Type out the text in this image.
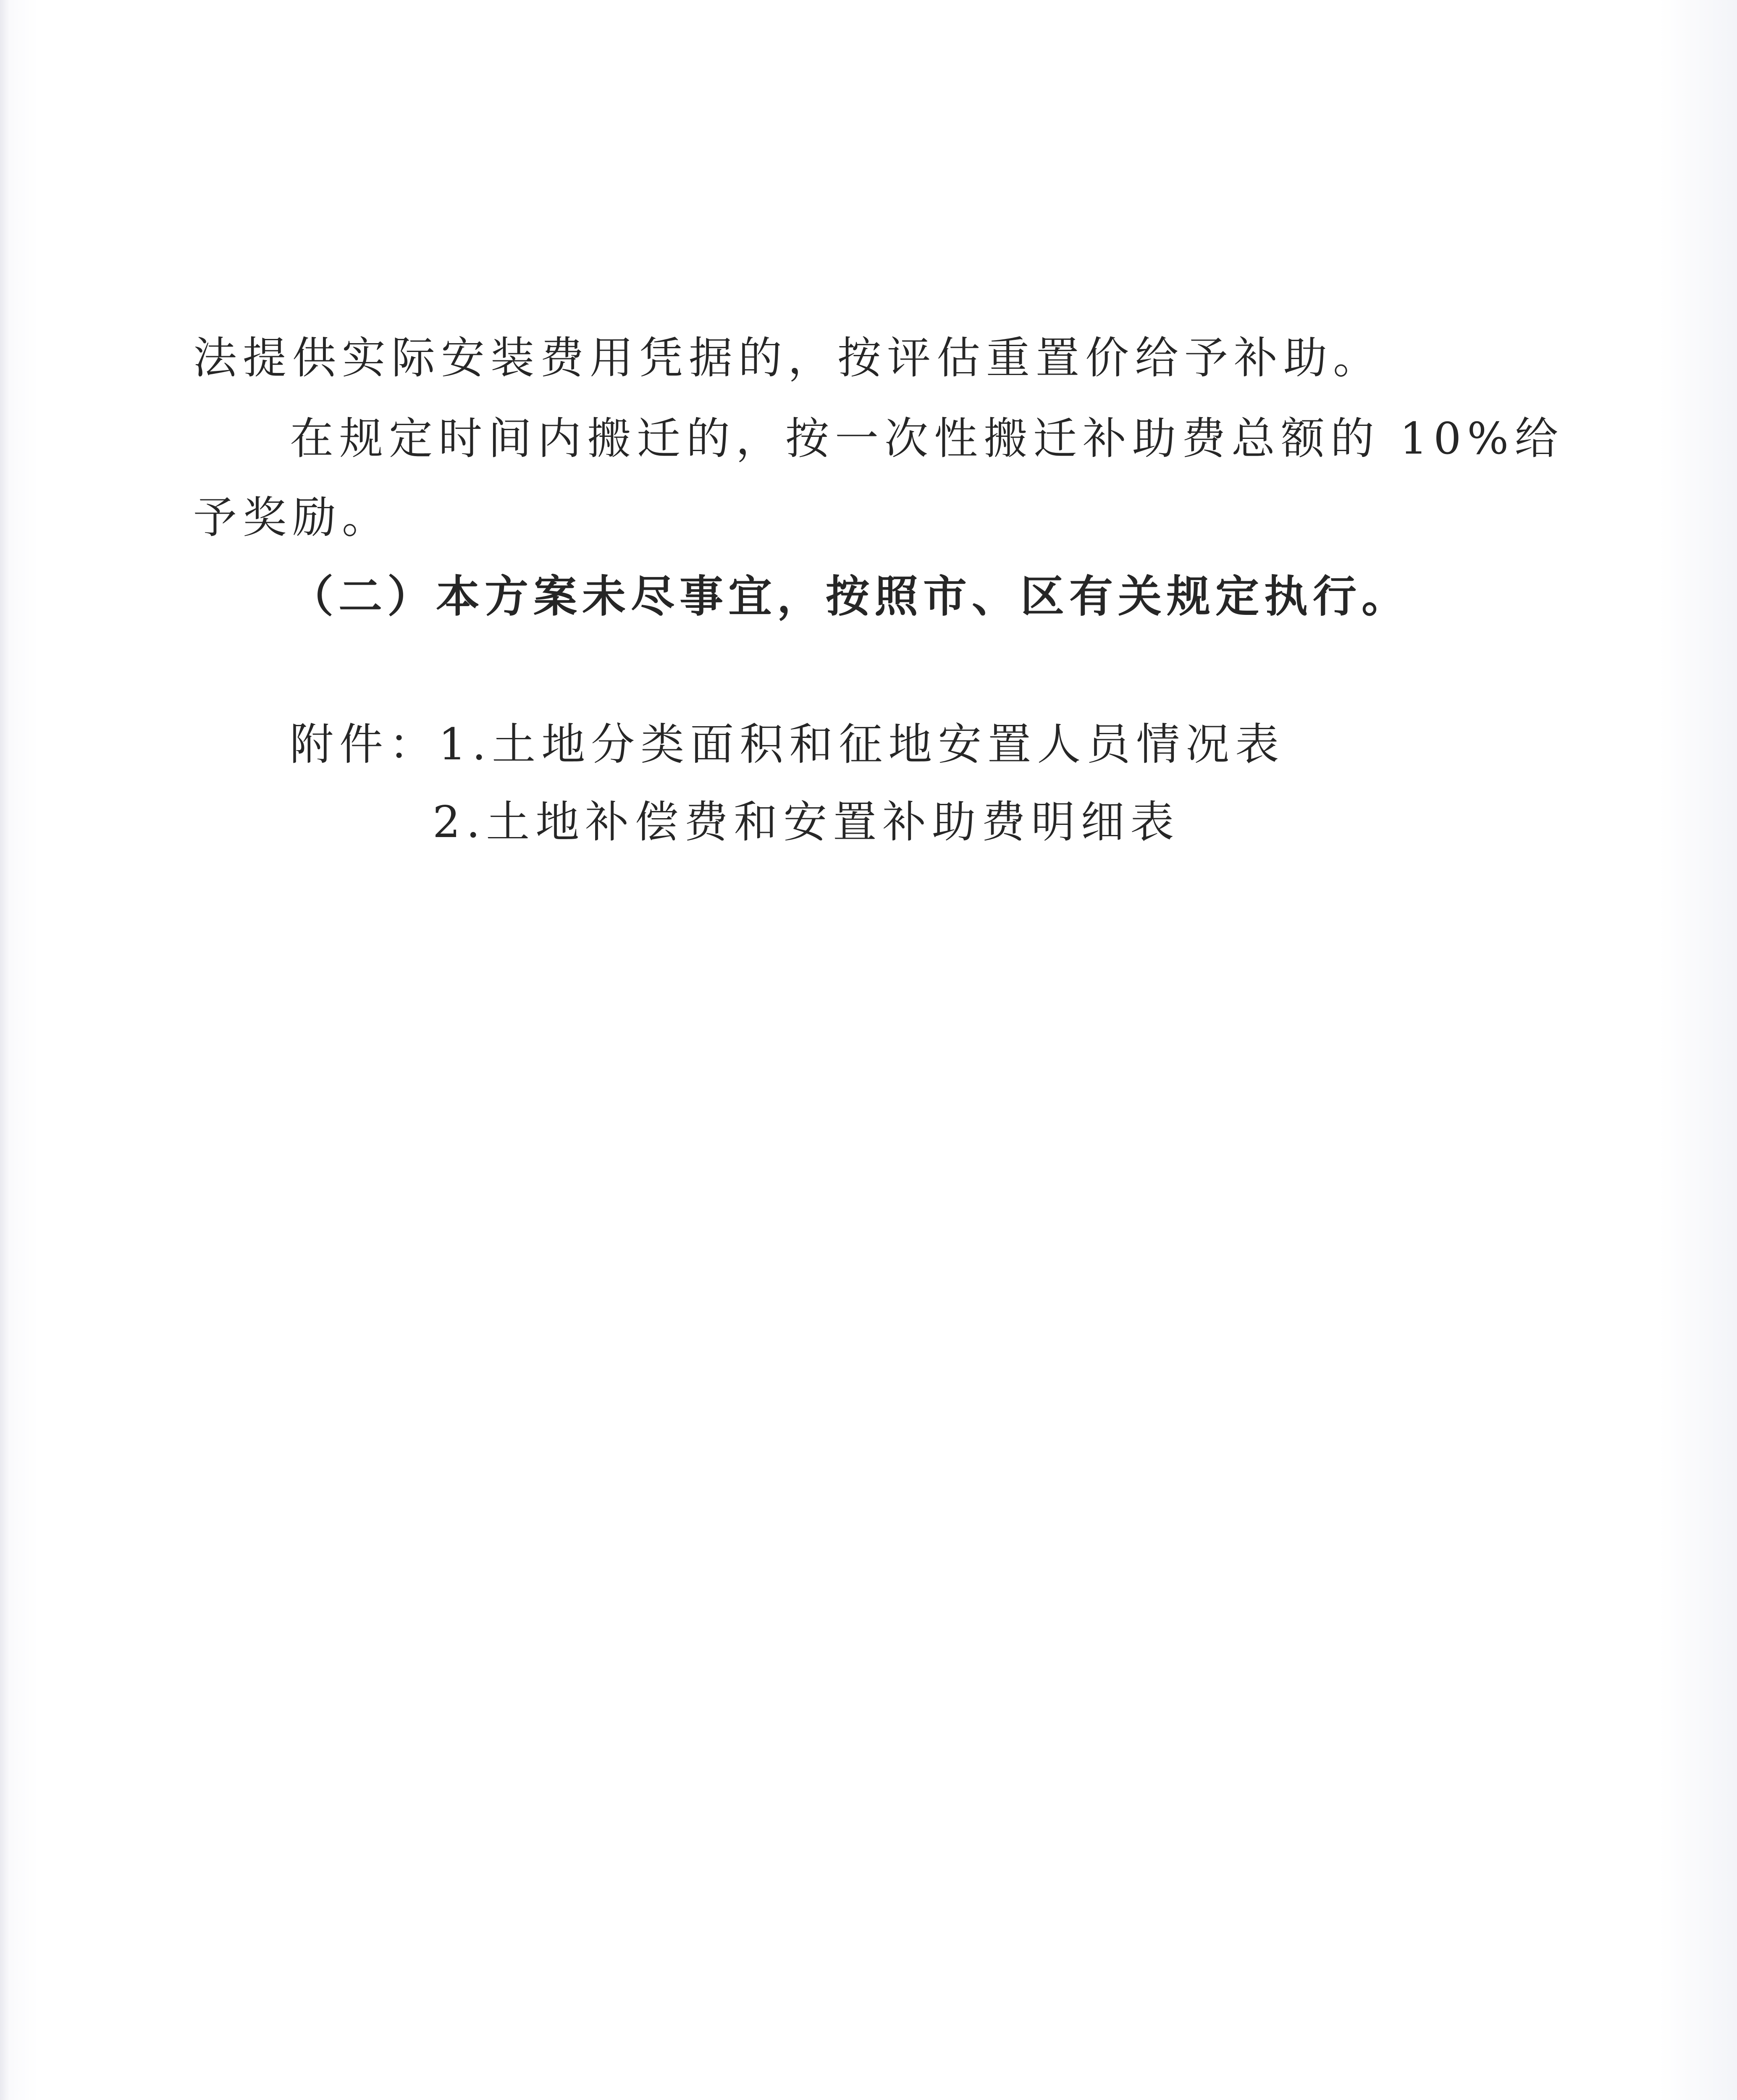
法提供实际安装费用凭据的，按评估重置价给予补助。
在规定时间内搬迁的，按一次性搬迁补助费总额的 10%给
予奖励。
（二）本方案未尽事宜，按照市、区有关规定执行。
附件：1.土地分类面积和征地安置人员情况表
2.土地补偿费和安置补助费明细表
